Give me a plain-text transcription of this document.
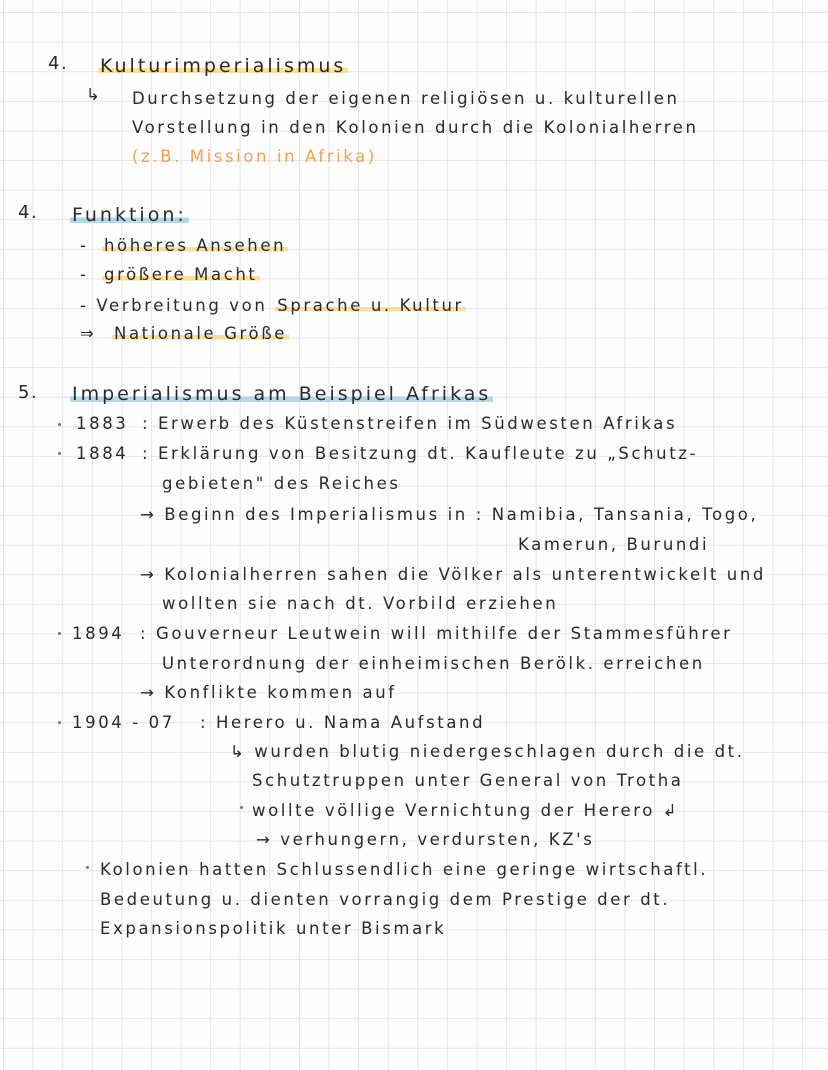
4. Kulturimperialismus
↳ Durchsetzung der eigenen religiösen u. kulturellen
Vorstellung in den Kolonien durch die Kolonialherren
(z.B. Mission in Afrika)
4. Funktion:
- höheres Ansehen
- größere Macht
- Verbreitung von Sprache u. Kultur
⇒ Nationale Größe
5. Imperialismus am Beispiel Afrikas
1883 : Erwerb des Küstenstreifen im Südwesten Afrikas
1884 : Erklärung von Besitzung dt. Kaufleute zu „Schutz-
gebieten" des Reiches
→ Beginn des Imperialismus in : Namibia, Tansania, Togo,
Kamerun, Burundi
→ Kolonialherren sahen die Völker als unterentwickelt und
wollten sie nach dt. Vorbild erziehen
1894 : Gouverneur Leutwein will mithilfe der Stammesführer
Unterordnung der einheimischen Berölk. erreichen
→ Konflikte kommen auf
1904 - 07 : Herero u. Nama Aufstand
↳ wurden blutig niedergeschlagen durch die dt.
Schutztruppen unter General von Trotha
wollte völlige Vernichtung der Herero ↲
→ verhungern, verdursten, KZ's
Kolonien hatten Schlussendlich eine geringe wirtschaftl.
Bedeutung u. dienten vorrangig dem Prestige der dt.
Expansionspolitik unter Bismark
